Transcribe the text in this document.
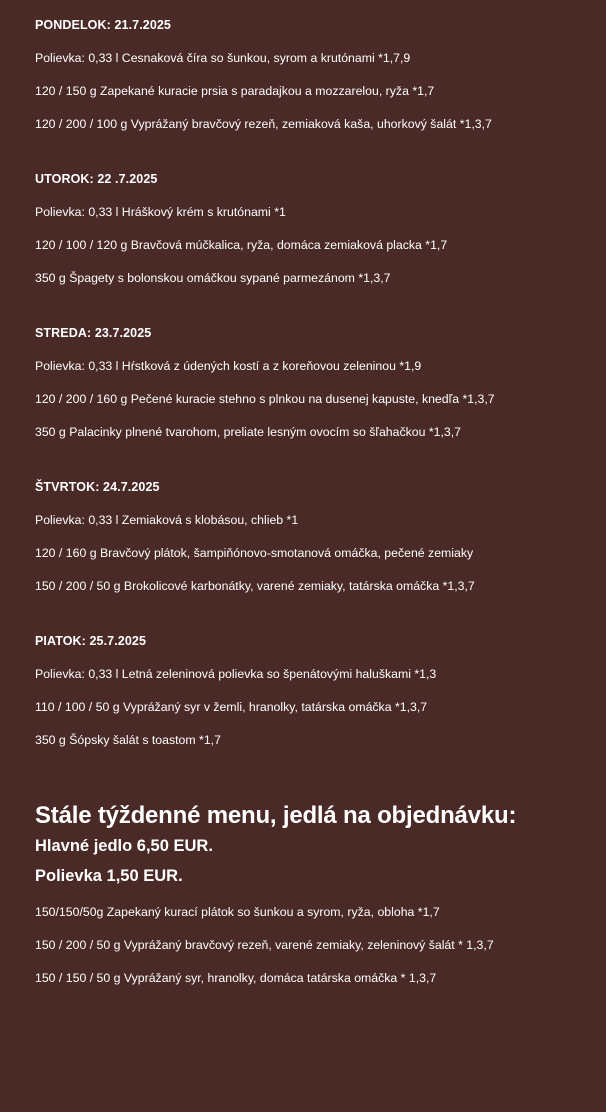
PONDELOK: 21.7.2025

Polievka: 0,33 l Cesnaková číra so šunkou, syrom a krutónami *1,7,9

120 / 150 g Zapekané kuracie prsia s paradajkou a mozzarelou, ryža *1,7

120 / 200 / 100 g Vyprážaný bravčový rezeň, zemiaková kaša, uhorkový šalát *1,3,7

UTOROK: 22 .7.2025

Polievka: 0,33 l Hráškový krém s krutónami *1

120 / 100 / 120 g Bravčová múčkalica, ryža, domáca zemiaková placka *1,7

350 g Špagety s bolonskou omáčkou sypané parmezánom *1,3,7

STREDA: 23.7.2025

Polievka: 0,33 l Hŕstková z údených kostí a z koreňovou zeleninou *1,9

120 / 200 / 160 g Pečené kuracie stehno s plnkou na dusenej kapuste, knedľa *1,3,7

350 g Palacinky plnené tvarohom, preliate lesným ovocím so šľahačkou *1,3,7

ŠTVRTOK: 24.7.2025

Polievka: 0,33 l Zemiaková s klobásou, chlieb *1

120 / 160 g Bravčový plátok, šampiňónovo-smotanová omáčka, pečené zemiaky

150 / 200 / 50 g Brokolicové karbonátky, varené zemiaky, tatárska omáčka *1,3,7

PIATOK: 25.7.2025

Polievka: 0,33 l Letná zeleninová polievka so špenátovými haluškami *1,3

110 / 100 / 50 g Vyprážaný syr v žemli, hranolky, tatárska omáčka *1,3,7

350 g Šópsky šalát s toastom *1,7

Stále týždenné menu, jedlá na objednávku:

Hlavné jedlo 6,50 EUR.

Polievka 1,50 EUR.

150/150/50g Zapekaný kurací plátok so šunkou a syrom, ryža, obloha *1,7

150 / 200 / 50 g Vyprážaný bravčový rezeň, varené zemiaky, zeleninový šalát * 1,3,7

150 / 150 / 50 g Vyprážaný syr, hranolky, domáca tatárska omáčka * 1,3,7
